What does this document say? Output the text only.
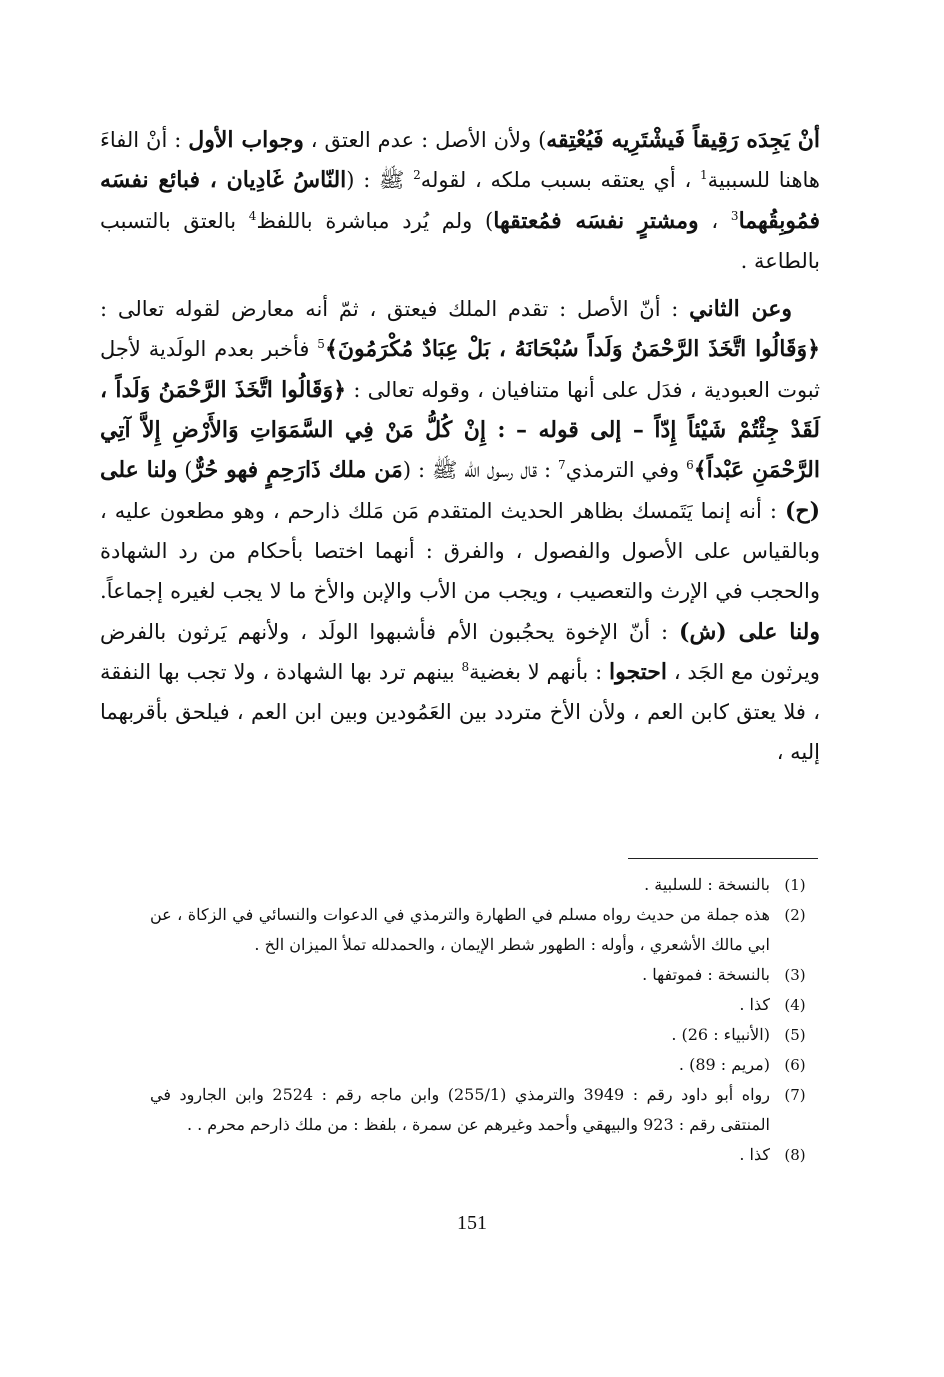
أنْ يَجِدَه رَقِيقاً فَيشْتَرِيه فَيُعْتِقه) ولأن الأصل : عدم العتق ، وجواب الأول : أنْ الفاءَ هاهنا للسببية$^1$ ، أي يعتقه بسبب ملكه ، لقوله$^2$ ﷺ : (النّاسُ غَادِيان ، فبائع نفسَه فمُوبِقُهما$^3$ ، ومشترٍ نفسَه فمُعتقها) ولم يُرد مباشرة باللفظ$^4$ بالعتق بالتسبب بالطاعة .

وعن الثاني : أنّ الأصل : تقدم الملك فيعتق ، ثمّ أنه معارض لقوله تعالى : ﴿وَقَالُوا اتَّخَذَ الرَّحْمَنُ وَلَداً سُبْحَانَهُ ، بَلْ عِبَادٌ مُكْرَمُونَ﴾$^5$ فأخبر بعدم الولَدية لأجل ثبوت العبودية ، فدَل على أنها متنافيان ، وقوله تعالى : ﴿وَقَالُوا اتَّخَذَ الرَّحْمَنُ وَلَداً ، لَقَدْ جِئْتُمْ شَيْئاً إِدّاً – إلى قوله – : إِنْ كُلُّ مَنْ فِي السَّمَوَاتِ وَالأَرْضِ إِلاَّ آتِي الرَّحْمَنِ عَبْداً﴾$^6$ وفي الترمذي$^7$ : قال رسول الله ﷺ : (مَن ملك ذَارَحِمٍ فهو حُرٌّ) ولنا على (ح) : أنه إنما يَتَمسك بظاهر الحديث المتقدم مَن مَلك ذارحم ، وهو مطعون عليه ، وبالقياس على الأصول والفصول ، والفرق : أنهما اختصا بأحكام من رد الشهادة والحجب في الإرث والتعصيب ، ويجب من الأب والإبن والأخ ما لا يجب لغيره إجماعاً. ولنا على (ش) : أنّ الإخوة يحجُبون الأم فأشبهوا الولَد ، ولأنهم يَرثون بالفرض ويرثون مع الجَد ، احتجوا : بأنهم لا بغضية$^8$ بينهم ترد بها الشهادة ، ولا تجب بها النفقة ، فلا يعتق كابن العم ، ولأن الأخ متردد بين العَمُودين وبين ابن العم ، فيلحق بأقربهما إليه ،

(1)
بالنسخة : للسلبية .
(2)
هذه جملة من حديث رواه مسلم في الطهارة والترمذي في الدعوات والنسائي في الزكاة ، عن ابي مالك الأشعري ، وأوله : الطهور شطر الإيمان ، والحمدلله تملأ الميزان الخ .
(3)
بالنسخة : فموتفها .
(4)
كذا .
(5)
(الأنبياء : 26) .
(6)
(مريم : 89) .
(7)
رواه أبو داود رقم : 3949 والترمذي (255/1) وابن ماجه رقم : 2524 وابن الجارود في المنتقى رقم : 923 والبيهقي وأحمد وغيرهم عن سمرة ، بلفظ : من ملك ذارحم محرم . .
(8)
كذا .
151
